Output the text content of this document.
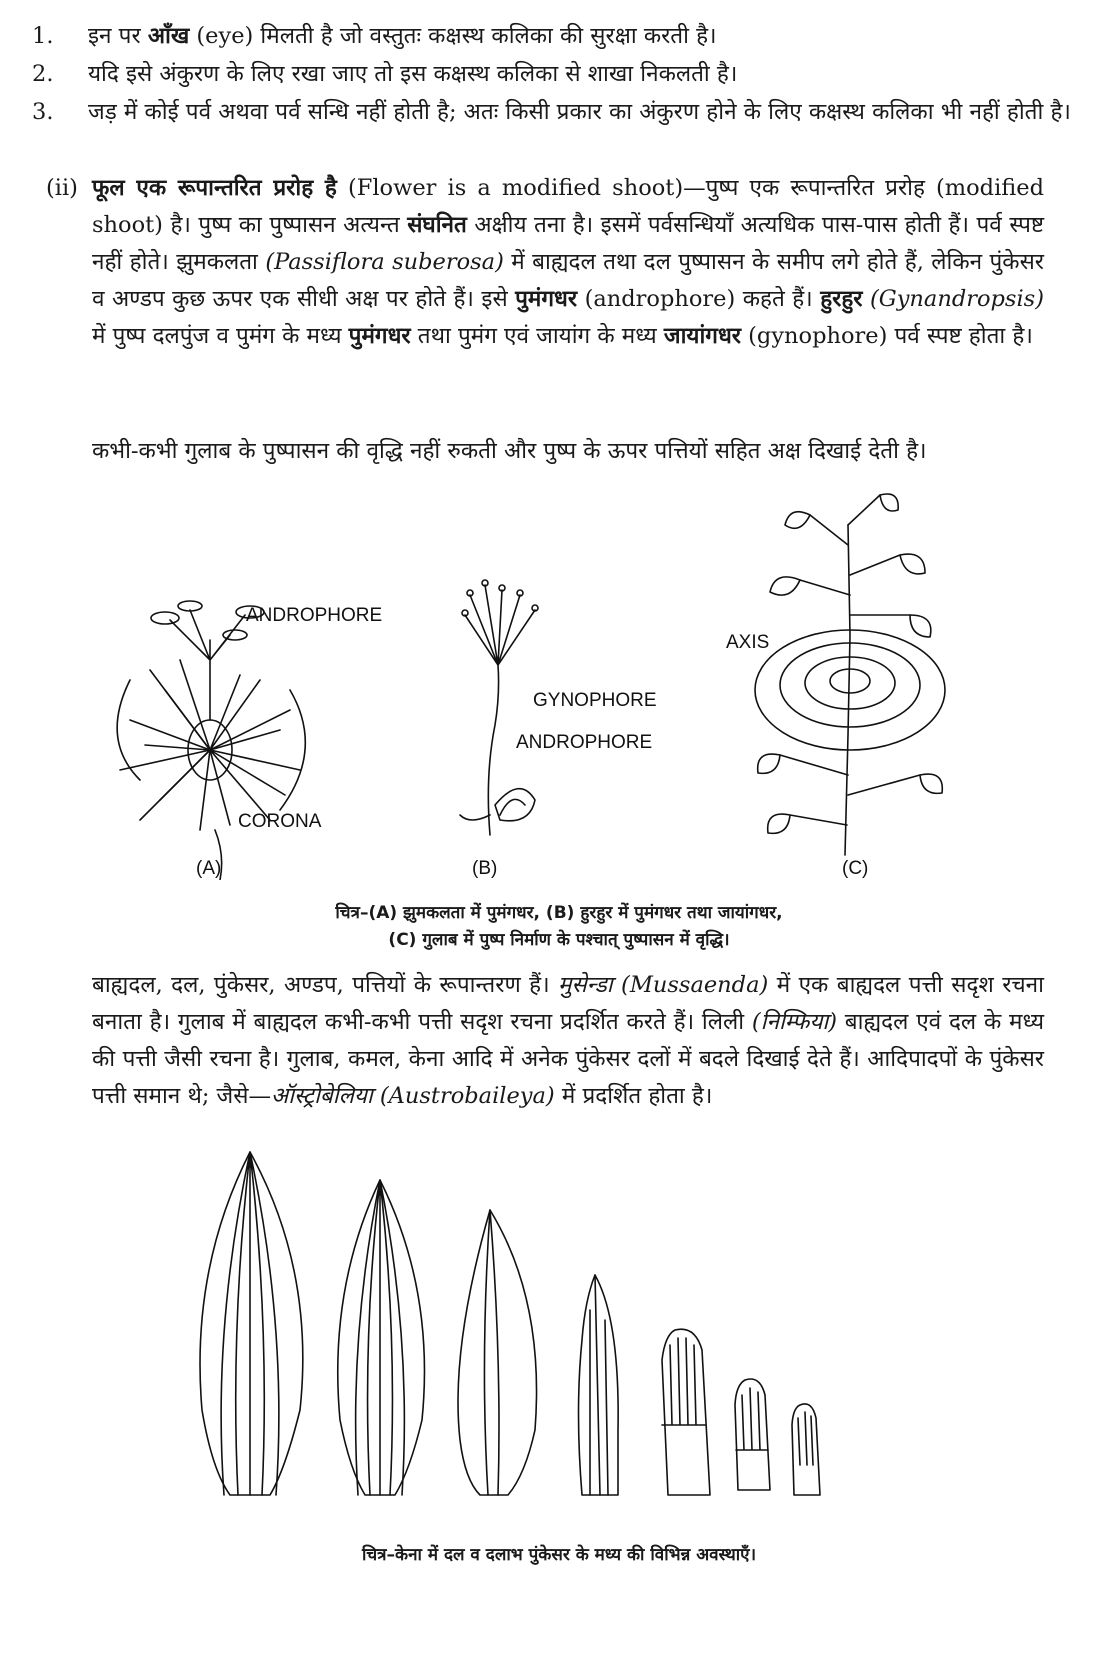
1. इन पर आँख (eye) मिलती है जो वस्तुतः कक्षस्थ कलिका की सुरक्षा करती है।
2. यदि इसे अंकुरण के लिए रखा जाए तो इस कक्षस्थ कलिका से शाखा निकलती है।
3. जड़ में कोई पर्व अथवा पर्व सन्धि नहीं होती है; अतः किसी प्रकार का अंकुरण होने के लिए कक्षस्थ कलिका भी नहीं होती है।
(ii) फूल एक रूपान्तरित प्ररोह है (Flower is a modified shoot)—पुष्प एक रूपान्तरित प्ररोह (modified shoot) है। पुष्प का पुष्पासन अत्यन्त संघनित अक्षीय तना है। इसमें पर्वसन्धियाँ अत्यधिक पास-पास होती हैं। पर्व स्पष्ट नहीं होते। झुमकलता (Passiflora suberosa) में बाह्यदल तथा दल पुष्पासन के समीप लगे होते हैं, लेकिन पुंकेसर व अण्डप कुछ ऊपर एक सीधी अक्ष पर होते हैं। इसे पुमंगधर (androphore) कहते हैं। हुरहुर (Gynandropsis) में पुष्प दलपुंज व पुमंग के मध्य पुमंगधर तथा पुमंग एवं जायांग के मध्य जायांगधर (gynophore) पर्व स्पष्ट होता है।
कभी-कभी गुलाब के पुष्पासन की वृद्धि नहीं रुकती और पुष्प के ऊपर पत्तियों सहित अक्ष दिखाई देती है।
ANDROPHORE
CORONA
GYNOPHORE
ANDROPHORE
AXIS
(A)	(B)	(C)
चित्र–(A) झुमकलता में पुमंगधर, (B) हुरहुर में पुमंगधर तथा जायांगधर,
(C) गुलाब में पुष्प निर्माण के पश्चात् पुष्पासन में वृद्धि।
बाह्यदल, दल, पुंकेसर, अण्डप, पत्तियों के रूपान्तरण हैं। मुसेन्डा (Mussaenda) में एक बाह्यदल पत्ती सदृश रचना बनाता है। गुलाब में बाह्यदल कभी-कभी पत्ती सदृश रचना प्रदर्शित करते हैं। लिली (निम्फिया) बाह्यदल एवं दल के मध्य की पत्ती जैसी रचना है। गुलाब, कमल, केना आदि में अनेक पुंकेसर दलों में बदले दिखाई देते हैं। आदिपादपों के पुंकेसर पत्ती समान थे; जैसे—ऑस्ट्रोबेलिया (Austrobaileya) में प्रदर्शित होता है।
चित्र–केना में दल व दलाभ पुंकेसर के मध्य की विभिन्न अवस्थाएँ।
